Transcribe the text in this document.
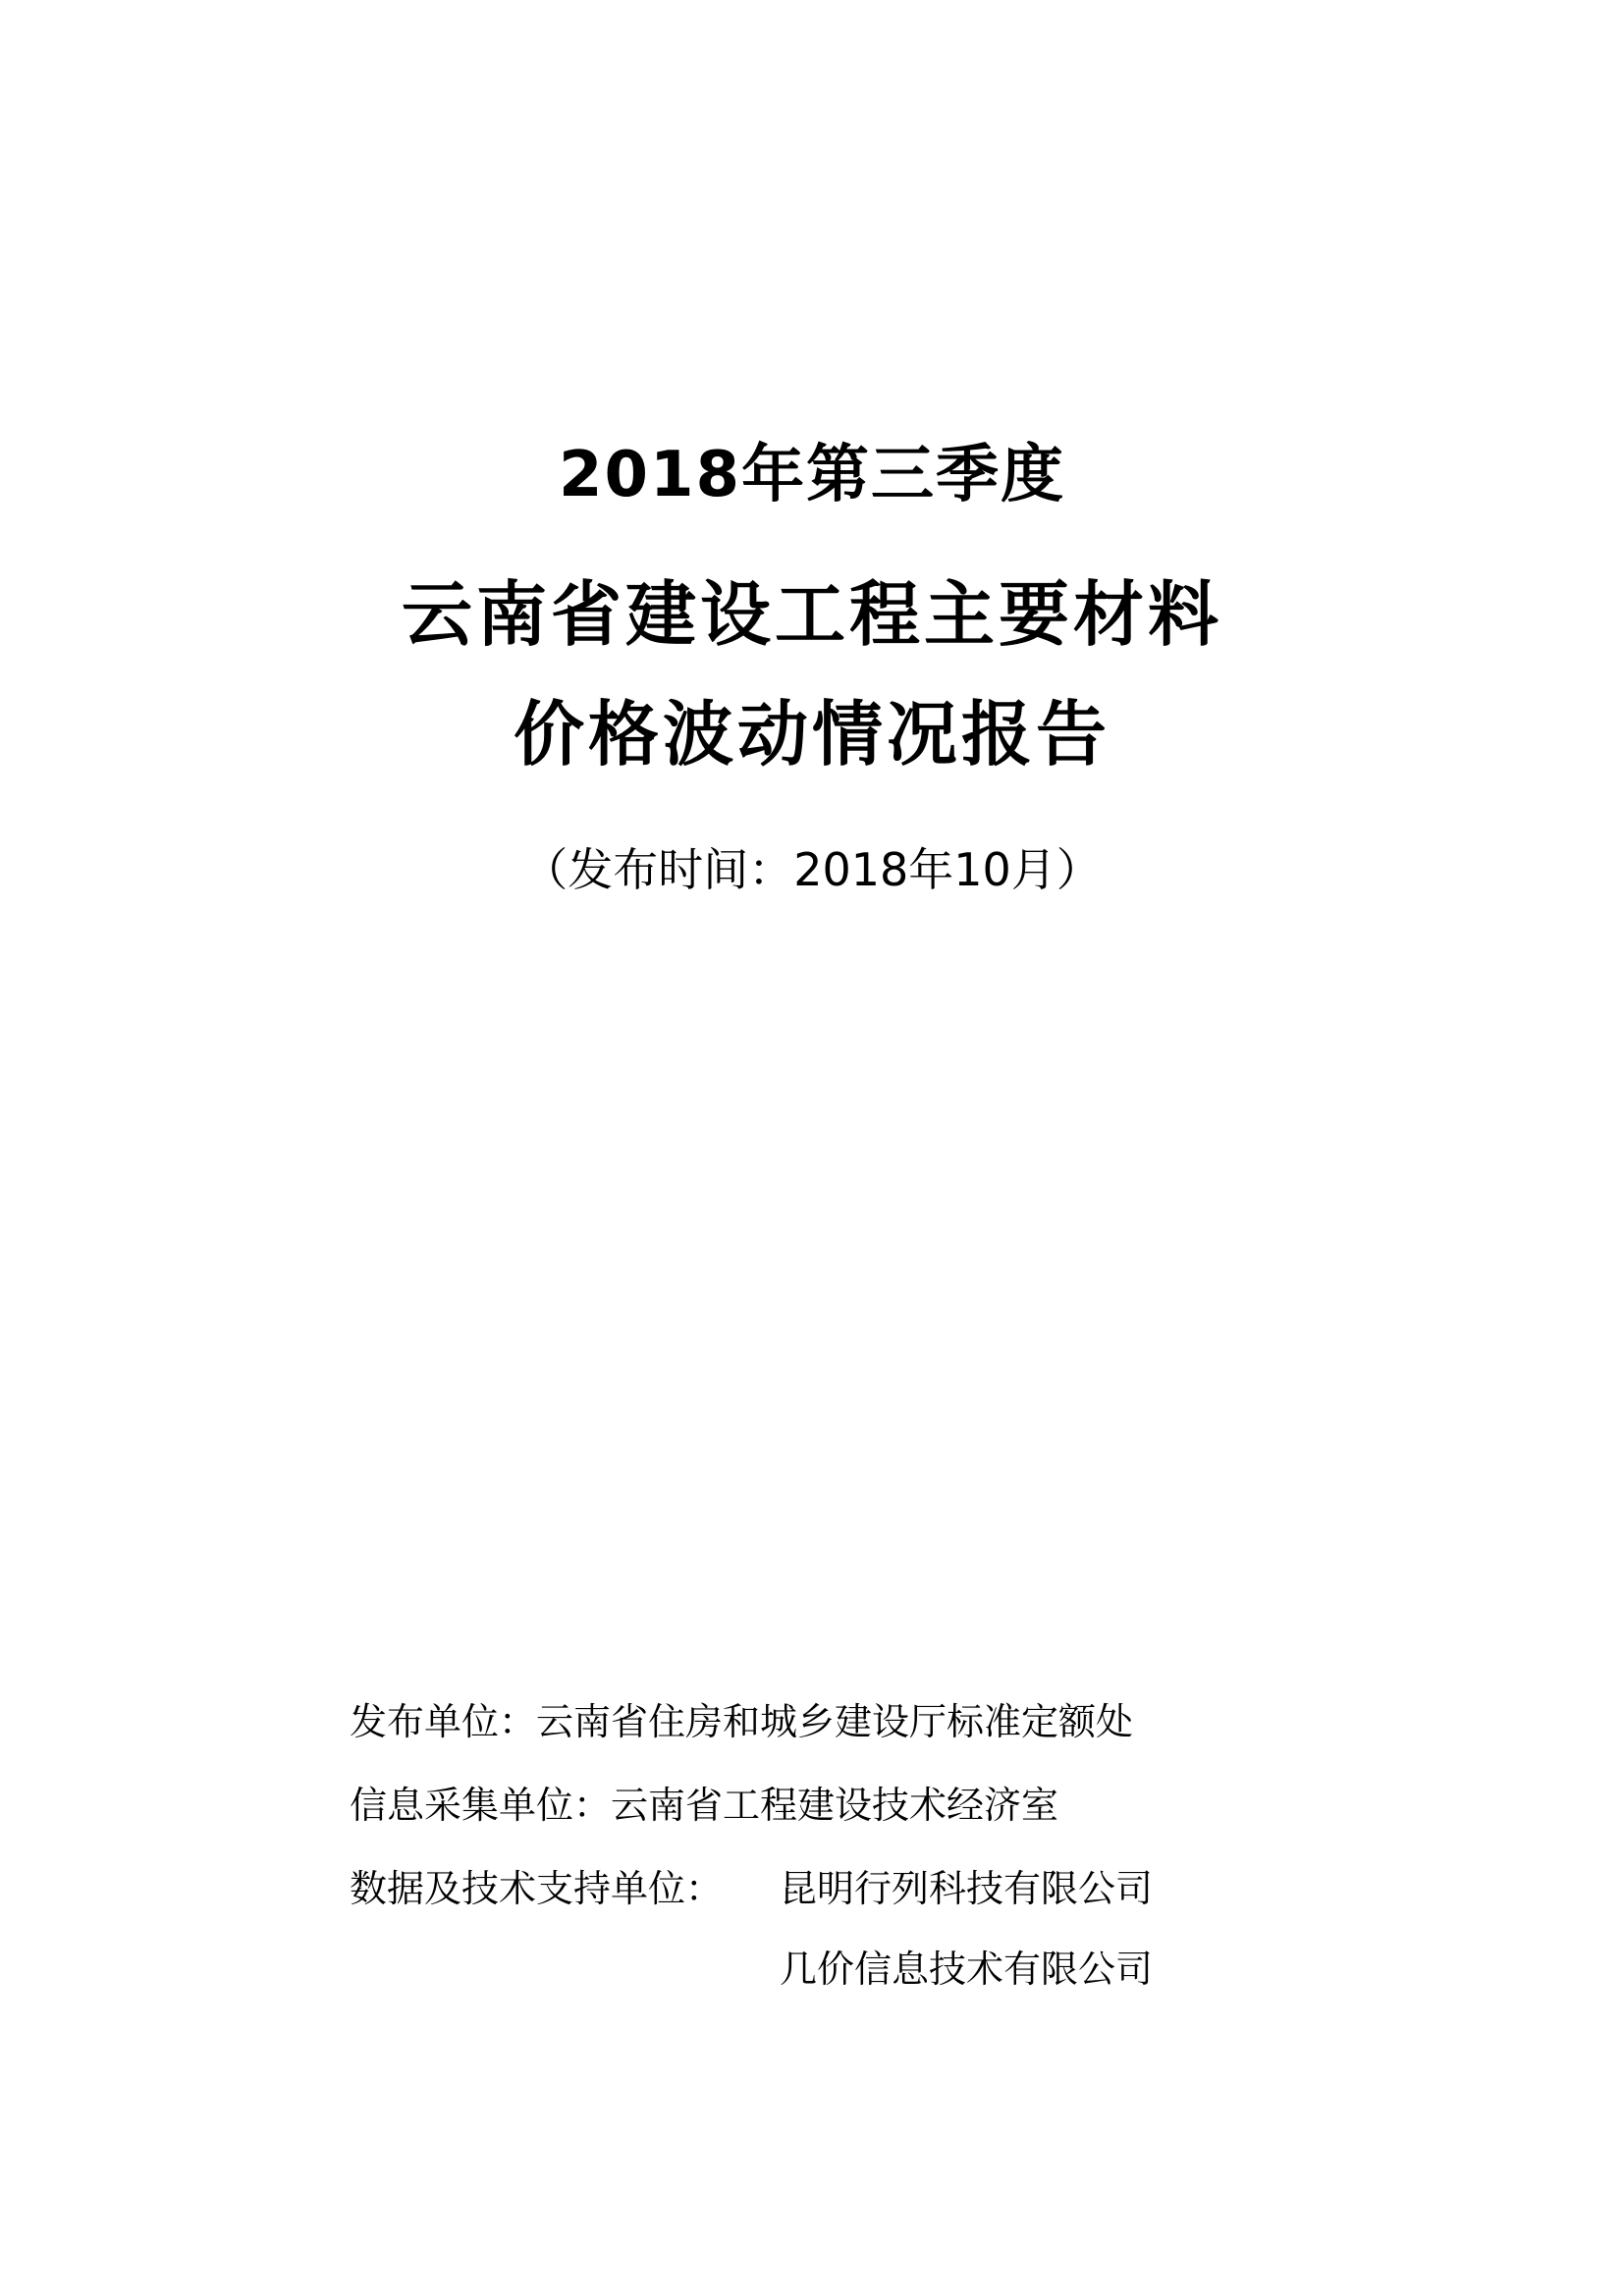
2018年第三季度
云南省建设工程主要材料
价格波动情况报告
（发布时间：2018年10月）
发布单位：云南省住房和城乡建设厅标准定额处
信息采集单位：云南省工程建设技术经济室
数据及技术支持单位： 昆明行列科技有限公司
几价信息技术有限公司
